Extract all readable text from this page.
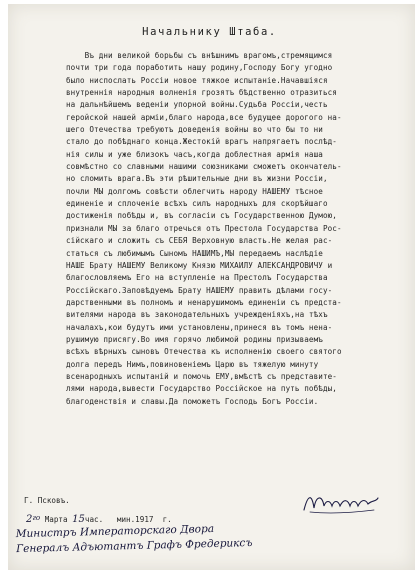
Начальнику Штаба.
Въ дни великой борьбы съ внѣшнимъ врагомъ,стремящимся
почти три года поработить нашу родину,Господу Богу угодно
было ниспослать Россіи новое тяжкое испытаніе.Начавшіяся
внутреннія народныя волненія грозятъ бѣдственно отразиться
на дальнѣйшемъ веденіи упорной войны.Судьба Россіи,честь
геройской нашей арміи,благо народа,все будущее дорогого на-
шего Отечества требуютъ доведенія войны во что бы то ни
стало до побѣднаго конца.Жестокій врагъ напрягаетъ послѣд-
нія силы и уже близокъ часъ,когда доблестная армія наша
совмѣстно со славными нашими союзниками сможетъ окончатель-
но сломить врага.Въ эти рѣшительные дни въ жизни Россіи,
почли МЫ долгомъ совѣсти облегчить народу НАШЕМУ тѣсное
единеніе и сплоченіе всѣхъ силъ народныхъ для скорѣйшаго
достиженія побѣды и, въ согласіи съ Государственною Думою,
признали МЫ за благо отречься отъ Престола Государства Рос-
сійскаго и сложить съ СЕБЯ Верховную власть.Не желая рас-
статься съ любимымъ Сыномъ НАШИМЪ,МЫ передаемъ наслѣдіе
НАШЕ Брату НАШЕМУ Великому Князю МИХАИЛУ АЛЕКСАНДРОВИЧУ и
благословляемъ Его на вступленіе на Престолъ Государства
Россійскаго.Заповѣдуемъ Брату НАШЕМУ править дѣлами госу-
дарственными въ полномъ и ненарушимомъ единеніи съ предста-
вителями народа въ законодательныхъ учрежденіяхъ,на тѣхъ
началахъ,кои будутъ ими установлены,принеся въ томъ нена-
рушимую присягу.Во имя горячо любимой родины призываемъ
всѣхъ вѣрныхъ сыновъ Отечества къ исполненію своего святого
долга передъ Нимъ,повиновеніемъ Царю въ тяжелую минуту
всенародныхъ испытаній и помочь ЕМУ,вмѣстѣ съ представите-
лями народа,вывести Государство Россійское на путь побѣды,
благоденствія и славы.Да поможетъ Господь Богъ Россіи.
Г. Псковъ.
2го Марта 15час.   мин.1917  г.
Министръ Императорскаго Двора
Генералъ Адъютантъ Графъ Фредерикcъ
